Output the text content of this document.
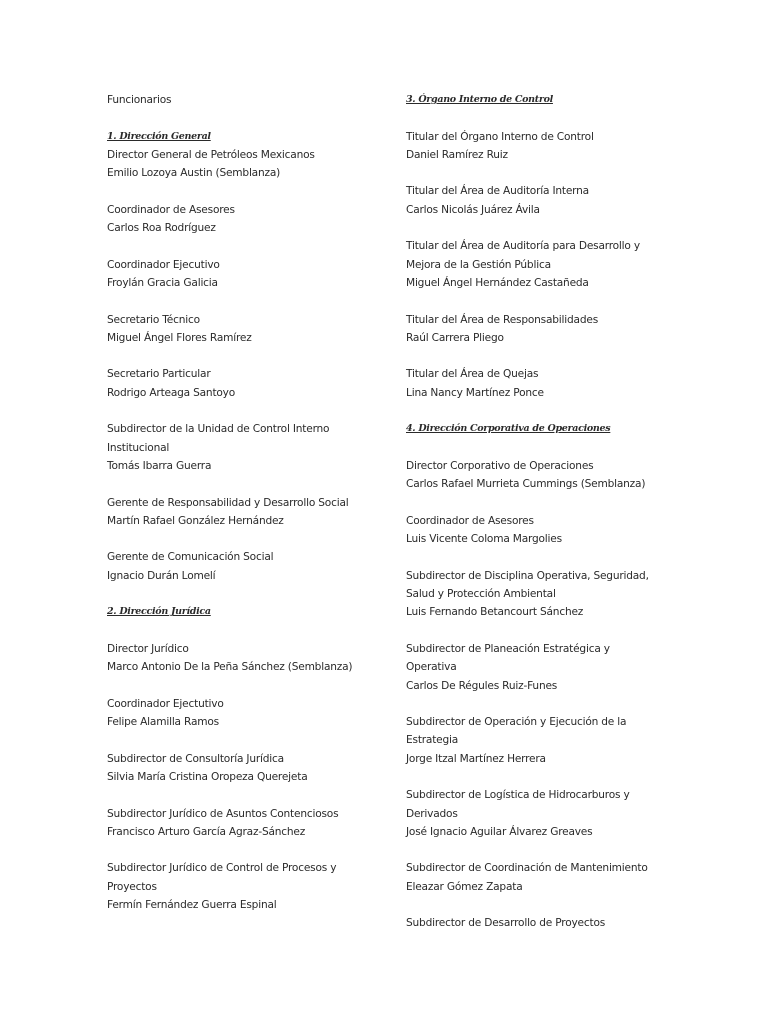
Funcionarios
1. Dirección General
Director General de Petróleos Mexicanos
Emilio Lozoya Austin (Semblanza)
Coordinador de Asesores
Carlos Roa Rodríguez
Coordinador Ejecutivo
Froylán Gracia Galicia
Secretario Técnico
Miguel Ángel Flores Ramírez
Secretario Particular
Rodrigo Arteaga Santoyo
Subdirector de la Unidad de Control Interno
Institucional
Tomás Ibarra Guerra
Gerente de Responsabilidad y Desarrollo Social
Martín Rafael González Hernández
Gerente de Comunicación Social
Ignacio Durán Lomelí
2. Dirección Jurídica
Director Jurídico
Marco Antonio De la Peña Sánchez (Semblanza)
Coordinador Ejectutivo
Felipe Alamilla Ramos
Subdirector de Consultoría Jurídica
Silvia María Cristina Oropeza Querejeta
Subdirector Jurídico de Asuntos Contenciosos
Francisco Arturo García Agraz-Sánchez
Subdirector Jurídico de Control de Procesos y
Proyectos
Fermín Fernández Guerra Espinal
3. Órgano Interno de Control
Titular del Órgano Interno de Control
Daniel Ramírez Ruiz
Titular del Área de Auditoría Interna
Carlos Nicolás Juárez Ávila
Titular del Área de Auditoría para Desarrollo y
Mejora de la Gestión Pública
Miguel Ángel Hernández Castañeda
Titular del Área de Responsabilidades
Raúl Carrera Pliego
Titular del Área de Quejas
Lina Nancy Martínez Ponce
4. Dirección Corporativa de Operaciones
Director Corporativo de Operaciones
Carlos Rafael Murrieta Cummings (Semblanza)
Coordinador de Asesores
Luis Vicente Coloma Margolies
Subdirector de Disciplina Operativa, Seguridad,
Salud y Protección Ambiental
Luis Fernando Betancourt Sánchez
Subdirector de Planeación Estratégica y
Operativa
Carlos De Régules Ruiz-Funes
Subdirector de Operación y Ejecución de la
Estrategia
Jorge Itzal Martínez Herrera
Subdirector de Logística de Hidrocarburos y
Derivados
José Ignacio Aguilar Álvarez Greaves
Subdirector de Coordinación de Mantenimiento
Eleazar Gómez Zapata
Subdirector de Desarrollo de Proyectos
